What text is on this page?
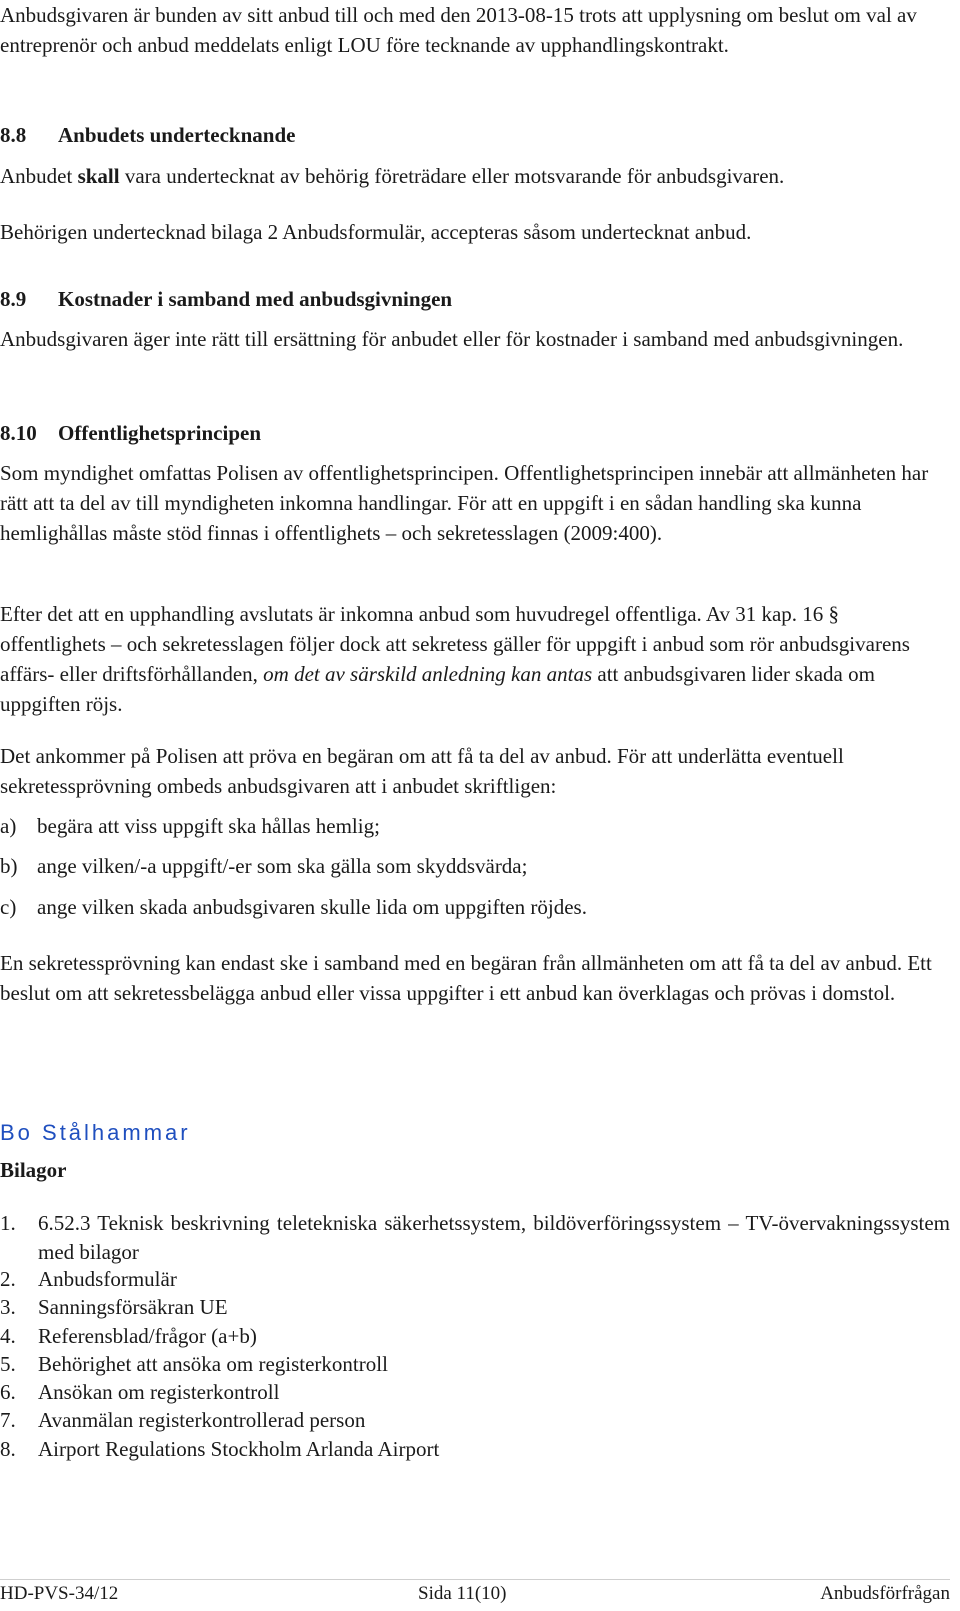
Anbudsgivaren är bunden av sitt anbud till och med den 2013-08-15 trots att upplysning om beslut om val av entreprenör och anbud meddelats enligt LOU före tecknande av upphandlingskontrakt.

8.8 Anbudets undertecknande

Anbudet skall vara undertecknat av behörig företrädare eller motsvarande för anbudsgivaren.

Behörigen undertecknad bilaga 2 Anbudsformulär, accepteras såsom undertecknat anbud.

8.9 Kostnader i samband med anbudsgivningen

Anbudsgivaren äger inte rätt till ersättning för anbudet eller för kostnader i samband med anbudsgivningen.

8.10 Offentlighetsprincipen

Som myndighet omfattas Polisen av offentlighetsprincipen. Offentlighetsprincipen innebär att allmänheten har rätt att ta del av till myndigheten inkomna handlingar. För att en uppgift i en sådan handling ska kunna hemlighållas måste stöd finnas i offentlighets – och sekretesslagen (2009:400).

Efter det att en upphandling avslutats är inkomna anbud som huvudregel offentliga. Av 31 kap. 16 § offentlighets – och sekretesslagen följer dock att sekretess gäller för uppgift i anbud som rör anbudsgivarens affärs- eller driftsförhållanden, om det av särskild anledning kan antas att anbudsgivaren lider skada om uppgiften röjs.

Det ankommer på Polisen att pröva en begäran om att få ta del av anbud. För att underlätta eventuell sekretessprövning ombeds anbudsgivaren att i anbudet skriftligen:

a) begära att viss uppgift ska hållas hemlig;
b) ange vilken/-a uppgift/-er som ska gälla som skyddsvärda;
c) ange vilken skada anbudsgivaren skulle lida om uppgiften röjdes.

En sekretessprövning kan endast ske i samband med en begäran från allmänheten om att få ta del av anbud. Ett beslut om att sekretessbelägga anbud eller vissa uppgifter i ett anbud kan överklagas och prövas i domstol.

Bo Stålhammar
Bilagor
1. 6.52.3 Teknisk beskrivning teletekniska säkerhetssystem, bildöverföringssystem – TV-övervakningssystem med bilagor
2. Anbudsformulär
3. Sanningsförsäkran UE
4. Referensblad/frågor (a+b)
5. Behörighet att ansöka om registerkontroll
6. Ansökan om registerkontroll
7. Avanmälan registerkontrollerad person
8. Airport Regulations Stockholm Arlanda Airport
HD-PVS-34/12	Sida 11(10)	Anbudsförfrågan
